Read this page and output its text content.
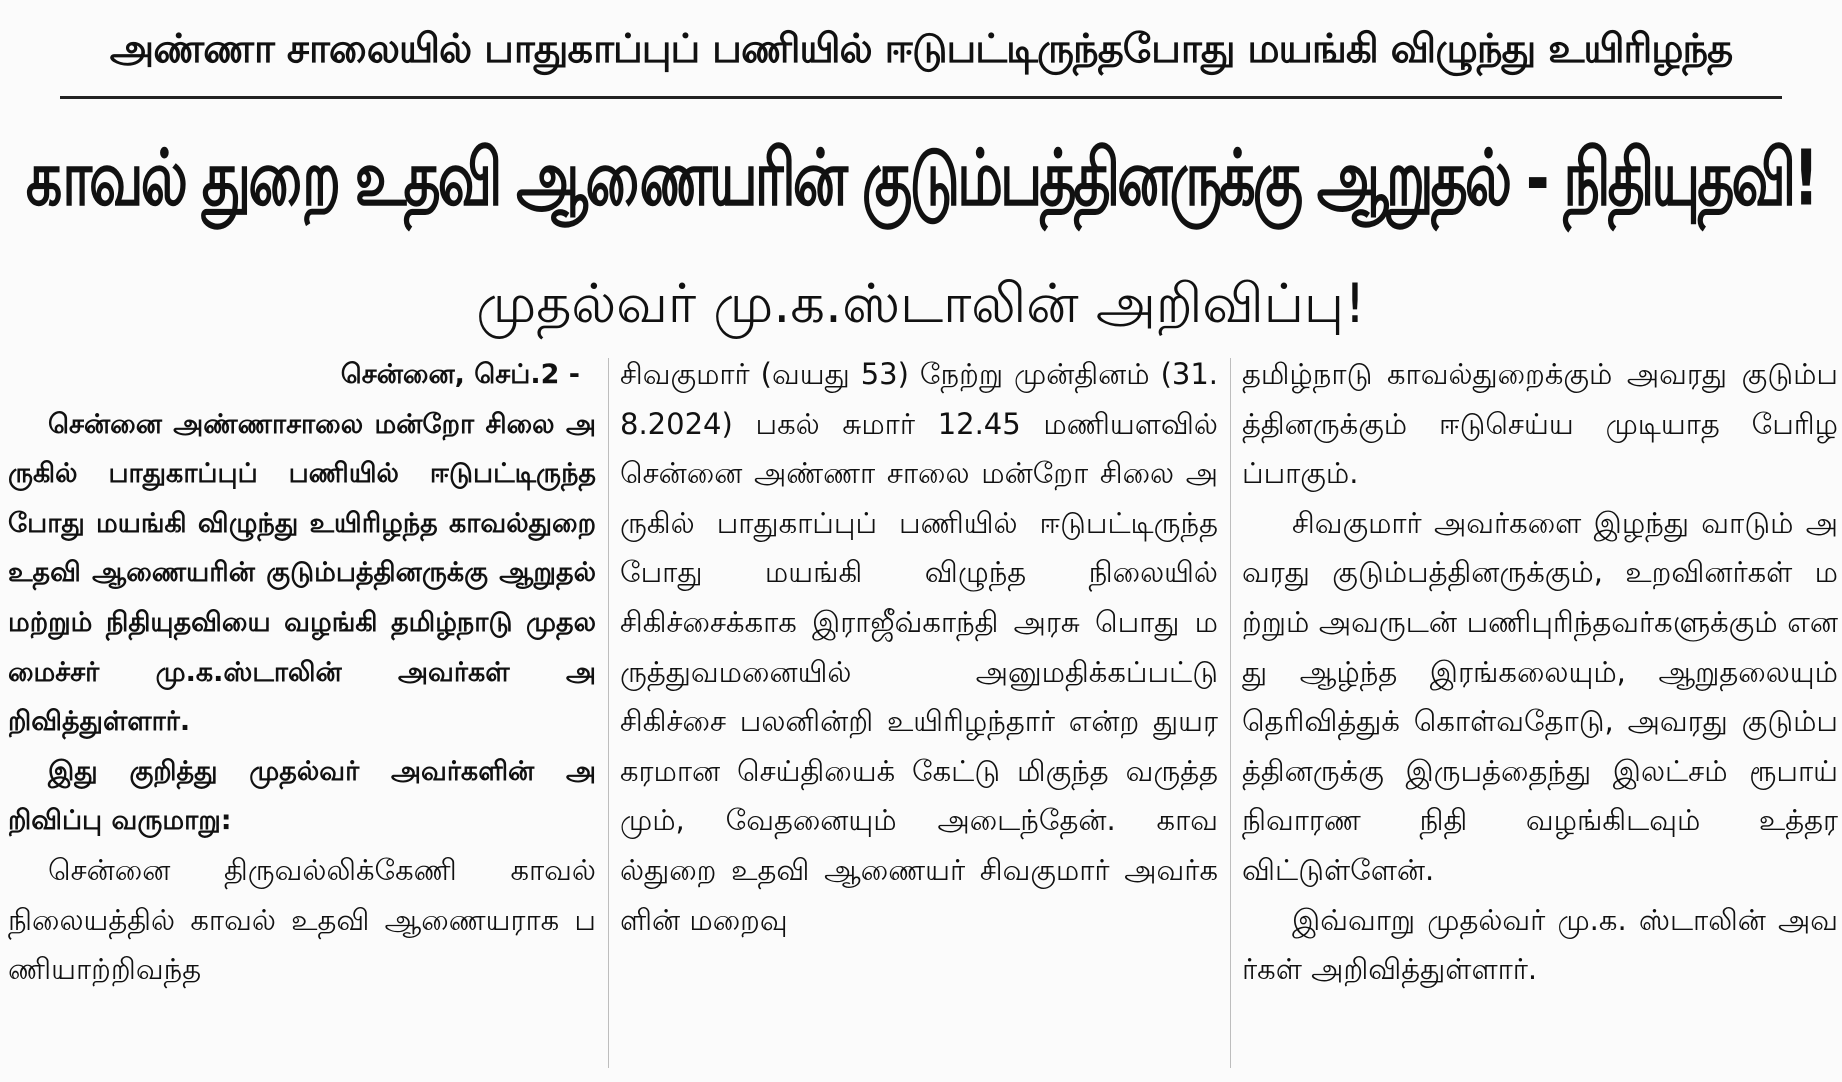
அண்ணா சாலையில் பாதுகாப்புப் பணியில் ஈடுபட்டிருந்தபோது மயங்கி விழுந்து உயிரிழந்த
காவல் துறை உதவி ஆணையரின் குடும்பத்தினருக்கு ஆறுதல் - நிதியுதவி!
முதல்வர் மு.க.ஸ்டாலின் அறிவிப்பு!

சென்னை, செப்.2 -

சென்னை அண்ணாசாலை மன்றோ சிலை அருகில் பாதுகாப்புப் பணியில் ஈடுபட்டிருந்தபோது மயங்கி விழுந்து உயிரிழந்த காவல்துறை உதவி ஆணையரின் குடும்பத்தினருக்கு ஆறுதல் மற்றும் நிதியுதவியை வழங்கி தமிழ்நாடு முதலமைச்சர் மு.க.ஸ்டாலின் அவர்கள் அறிவித்துள்ளார்.

இது குறித்து முதல்வர் அவர்களின் அறிவிப்பு வருமாறு:

சென்னை திருவல்லிக்கேணி காவல் நிலையத்தில் காவல் உதவி ஆணையராக பணியாற்றிவந்த

சிவகுமார் (வயது 53) நேற்று முன்தினம் (31.8.2024) பகல் சுமார் 12.45 மணியளவில் சென்னை அண்ணா சாலை மன்றோ சிலை அருகில் பாதுகாப்புப் பணியில் ஈடுபட்டிருந்தபோது மயங்கி விழுந்த நிலையில் சிகிச்சைக்காக இராஜீவ்காந்தி அரசு பொது மருத்துவமனையில் அனுமதிக்கப்பட்டு சிகிச்சை பலனின்றி உயிரிழந்தார் என்ற துயரகரமான செய்தியைக் கேட்டு மிகுந்த வருத்தமும், வேதனையும் அடைந்தேன். காவல்துறை உதவி ஆணையர் சிவகுமார் அவர்களின் மறைவு

தமிழ்நாடு காவல்துறைக்கும் அவரது குடும்பத்தினருக்கும் ஈடுசெய்ய முடியாத பேரிழப்பாகும்.

சிவகுமார் அவர்களை இழந்து வாடும் அவரது குடும்பத்தினருக்கும், உறவினர்கள் மற்றும் அவருடன் பணிபுரிந்தவர்களுக்கும் எனது ஆழ்ந்த இரங்கலையும், ஆறுதலையும் தெரிவித்துக் கொள்வதோடு, அவரது குடும்பத்தினருக்கு இருபத்தைந்து இலட்சம் ரூபாய் நிவாரண நிதி வழங்கிடவும் உத்தரவிட்டுள்ளேன்.

இவ்வாறு முதல்வர் மு.க. ஸ்டாலின் அவர்கள் அறிவித்துள்ளார்.
